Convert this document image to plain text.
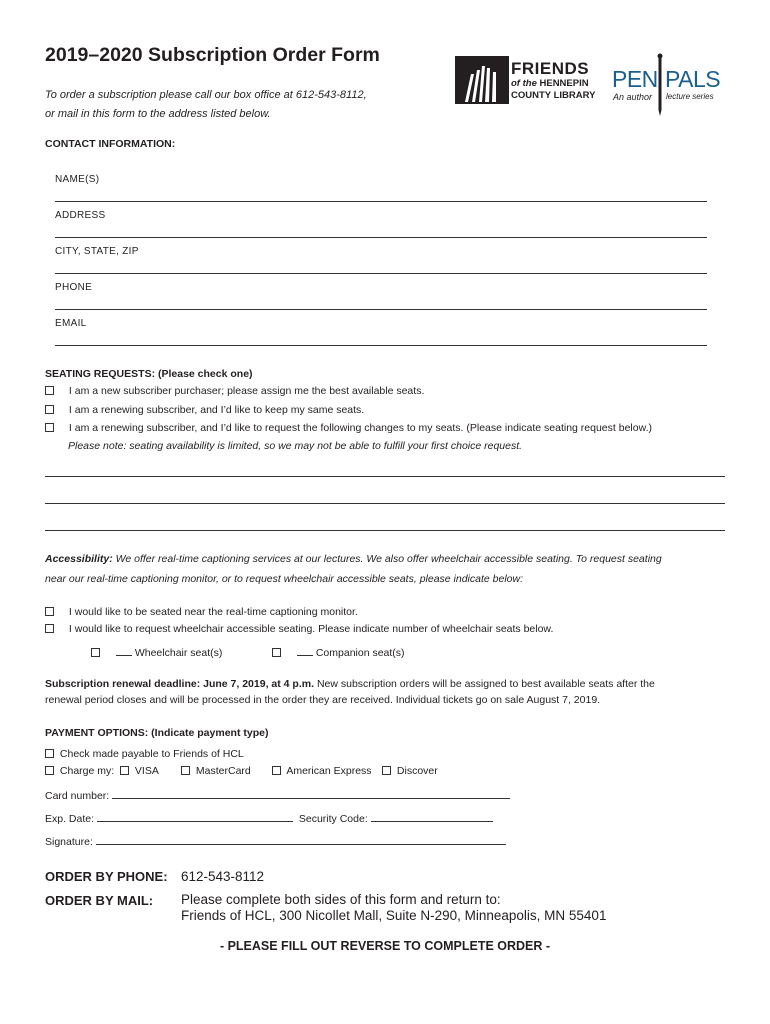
2019–2020 Subscription Order Form
To order a subscription please call our box office at 612-543-8112,
or mail in this form to the address listed below.
FRIENDS
of the HENNEPIN
COUNTY LIBRARY
PEN PALS
An author lecture series
CONTACT INFORMATION:
NAME(S)
ADDRESS
CITY, STATE, ZIP
PHONE
EMAIL
SEATING REQUESTS: (Please check one)
I am a new subscriber purchaser; please assign me the best available seats.
I am a renewing subscriber, and I’d like to keep my same seats.
I am a renewing subscriber, and I’d like to request the following changes to my seats. (Please indicate seating request below.)
Please note: seating availability is limited, so we may not be able to fulfill your first choice request.
Accessibility: We offer real-time captioning services at our lectures. We also offer wheelchair accessible seating. To request seating
near our real-time captioning monitor, or to request wheelchair accessible seats, please indicate below:
I would like to be seated near the real-time captioning monitor.
I would like to request wheelchair accessible seating. Please indicate number of wheelchair seats below.
Wheelchair seat(s)	Companion seat(s)
Subscription renewal deadline: June 7, 2019, at 4 p.m. New subscription orders will be assigned to best available seats after the
renewal period closes and will be processed in the order they are received. Individual tickets go on sale August 7, 2019.
PAYMENT OPTIONS: (Indicate payment type)
Check made payable to Friends of HCL
Charge my:	VISA	MasterCard	American Express	Discover
Card number:
Exp. Date:	Security Code:
Signature:
ORDER BY PHONE: 612-543-8112
ORDER BY MAIL: Please complete both sides of this form and return to:
Friends of HCL, 300 Nicollet Mall, Suite N-290, Minneapolis, MN 55401
- PLEASE FILL OUT REVERSE TO COMPLETE ORDER -
